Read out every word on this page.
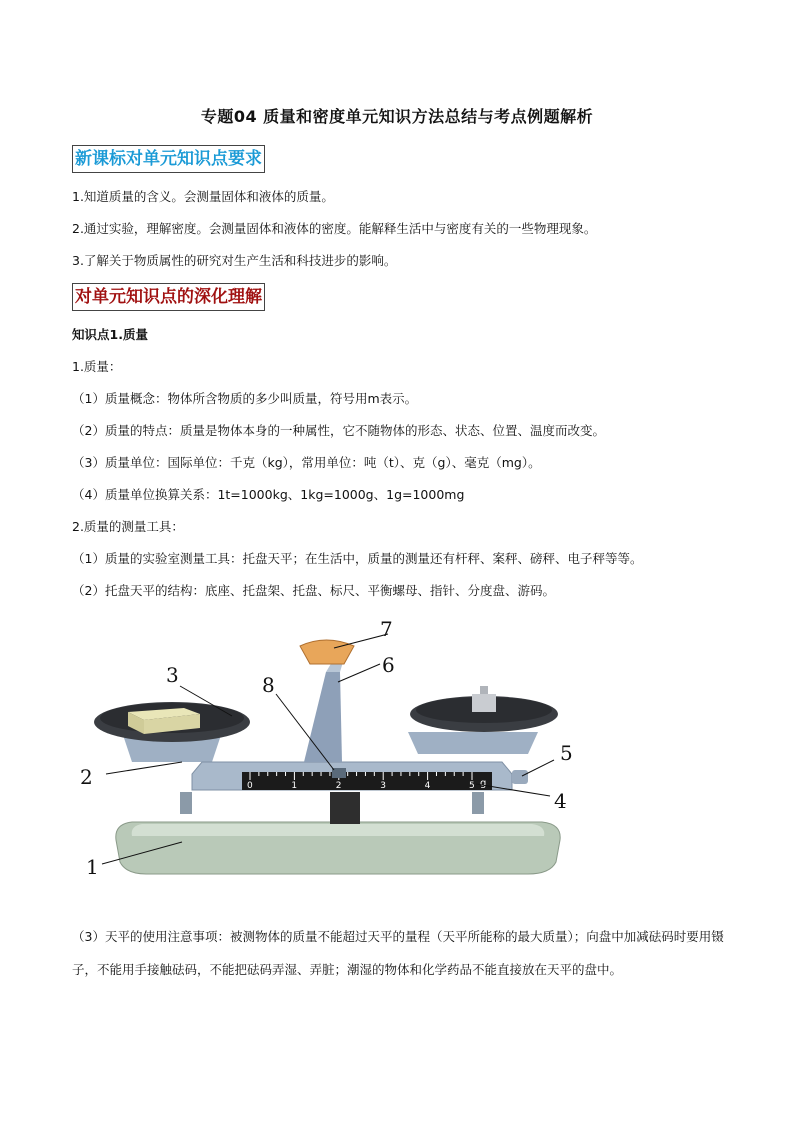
专题04 质量和密度单元知识方法总结与考点例题解析
新课标对单元知识点要求
1.知道质量的含义。会测量固体和液体的质量。
2.通过实验，理解密度。会测量固体和液体的密度。能解释生活中与密度有关的一些物理现象。
3.了解关于物质属性的研究对生产生活和科技进步的影响。
对单元知识点的深化理解
知识点1.质量
1.质量：
（1）质量概念：物体所含物质的多少叫质量，符号用m表示。
（2）质量的特点：质量是物体本身的一种属性，它不随物体的形态、状态、位置、温度而改变。
（3）质量单位：国际单位：千克（kg），常用单位：吨（t）、克（g）、毫克（mg）。
（4）质量单位换算关系：1t=1000kg、1kg=1000g、1g=1000mg
2.质量的测量工具：
（1）质量的实验室测量工具：托盘天平；在生活中，质量的测量还有杆秤、案秤、磅秤、电子秤等等。
（2）托盘天平的结构：底座、托盘架、托盘、标尺、平衡螺母、指针、分度盘、游码。
0	1	2	3	4	5 g
1
2
3
4
5
6
7
8
（3）天平的使用注意事项：被测物体的质量不能超过天平的量程（天平所能称的最大质量）；向盘中加减砝码时要用镊子，不能用手接触砝码，不能把砝码弄湿、弄脏；潮湿的物体和化学药品不能直接放在天平的盘中。
